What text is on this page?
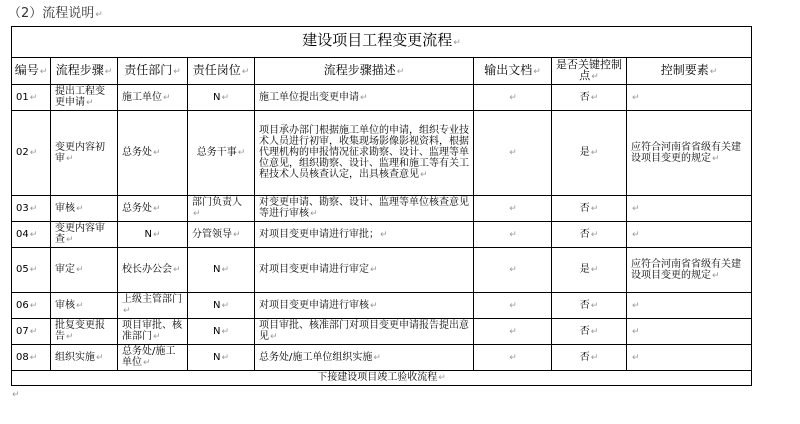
（2）流程说明↵
建设项目工程变更流程↵							
编号↵	流程步骤↵	责任部门↵	责任岗位↵	流程步骤描述↵	输出文档↵	是否关键控制点↵	控制要素↵
01↵	提出工程变更申请↵	施工单位↵	N↵	施工单位提出变更申请↵	↵	否↵	↵
02↵	变更内容初审↵	总务处↵	总务干事↵	项目承办部门根据施工单位的申请，组织专业技术人员进行初审，收集现场影像影视资料，根据代理机构的申报情况征求勘察、设计、监理等单位意见，组织勘察、设计、监理和施工等有关工程技术人员核查认定，出具核查意见↵	↵	是↵	应符合河南省省级有关建设项目变更的规定↵
03↵	审核↵	总务处↵	部门负责人↵	对变更申请、勘察、设计、监理等单位核查意见等进行审核↵	↵	否↵	↵
04↵	变更内容审查↵	N↵	分管领导↵	对项目变更申请进行审批；↵	↵	否↵	↵
05↵	审定↵	校长办公会↵	N↵	对项目变更申请进行审定↵	↵	是↵	应符合河南省省级有关建设项目变更的规定↵
06↵	审核↵	上级主管部门↵	N↵	对项目变更申请进行审核↵	↵	否↵	↵
07↵	批复变更报告↵	项目审批、核准部门↵	N↵	项目审批、核准部门对项目变更申请报告提出意见↵	↵	否↵	↵
08↵	组织实施↵	总务处/施工单位↵	N↵	总务处/施工单位组织实施↵	↵	否↵	↵
下接建设项目竣工验收流程↵							
↵
